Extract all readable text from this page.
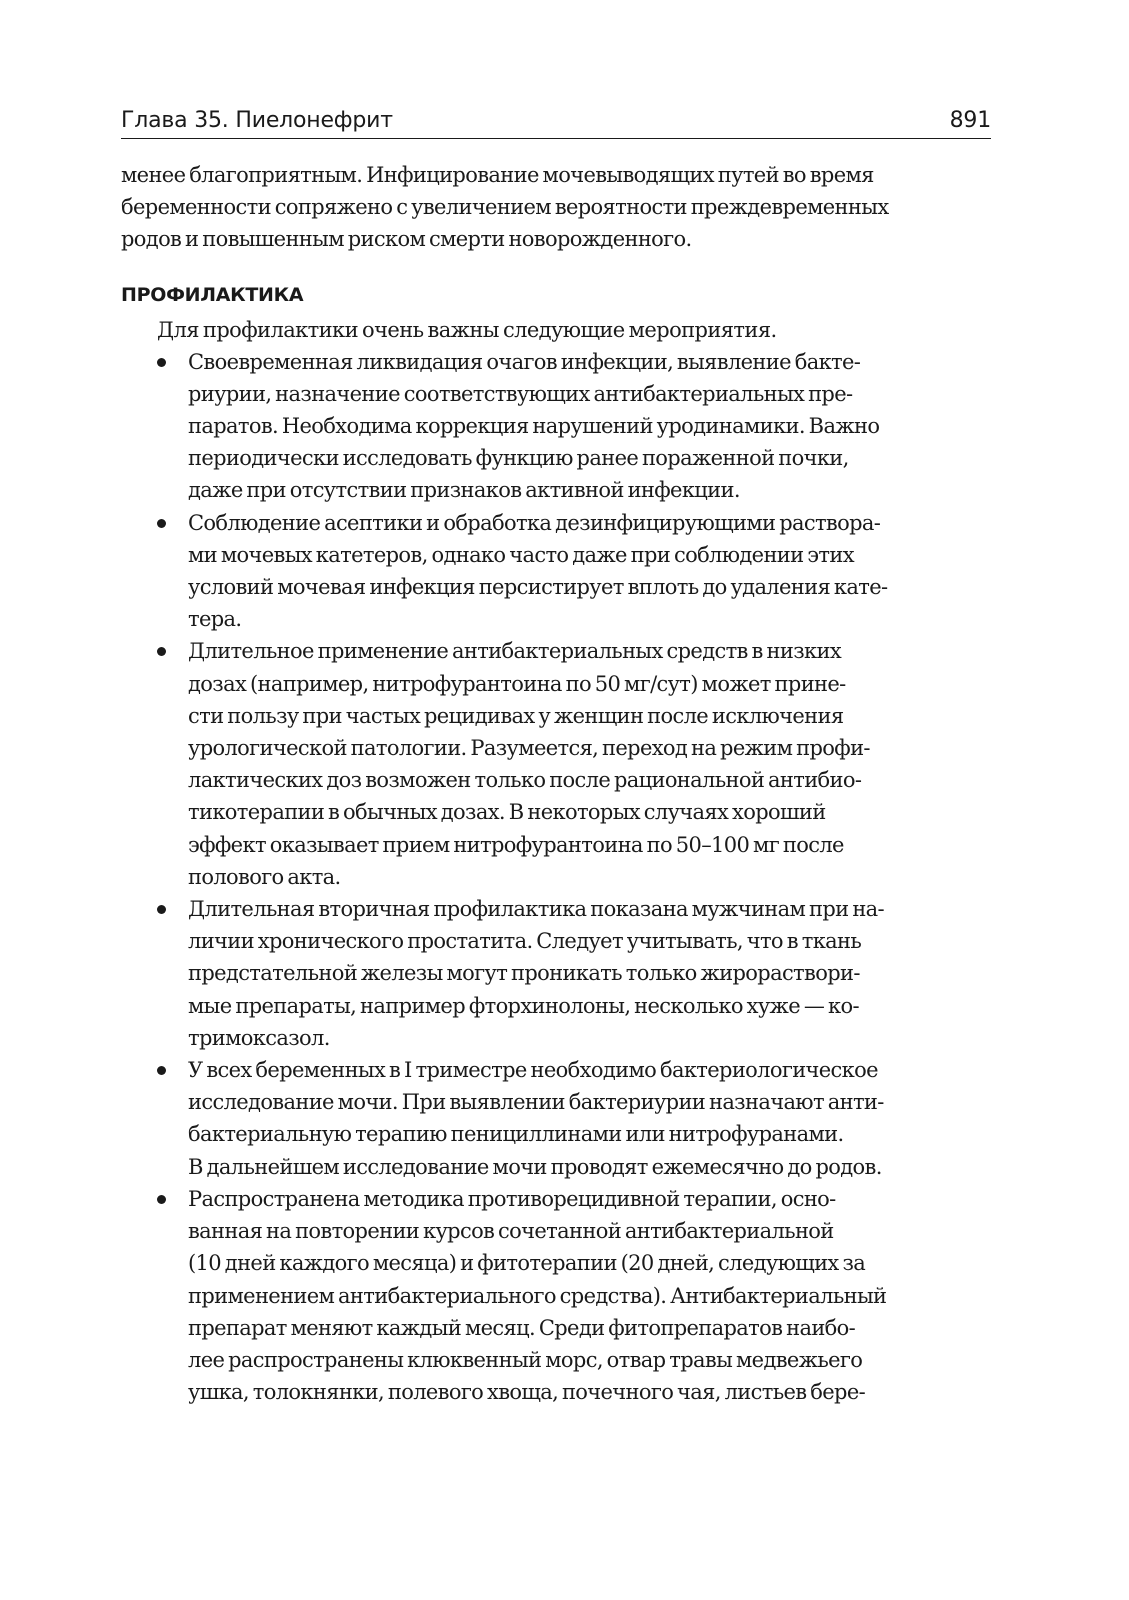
Глава 35. Пиелонефрит	891

менее благоприятным. Инфицирование мочевыводящих путей во время
беременности сопряжено с увеличением вероятности преждевременных
родов и повышенным риском смерти новорожденного.

ПРОФИЛАКТИКА

Для профилактики очень важны следующие мероприятия.

Своевременная ликвидация очагов инфекции, выявление бакте-
риурии, назначение соответствующих антибактериальных пре-
паратов. Необходима коррекция нарушений уродинамики. Важно
периодически исследовать функцию ранее пораженной почки,
даже при отсутствии признаков активной инфекции.
Соблюдение асептики и обработка дезинфицирующими раствора-
ми мочевых катетеров, однако часто даже при соблюдении этих
условий мочевая инфекция персистирует вплоть до удаления кате-
тера.
Длительное применение антибактериальных средств в низких
дозах (например, нитрофурантоина по 50 мг/сут) может прине-
сти пользу при частых рецидивах у женщин после исключения
урологической патологии. Разумеется, переход на режим профи-
лактических доз возможен только после рациональной антибио-
тикотерапии в обычных дозах. В некоторых случаях хороший
эффект оказывает прием нитрофурантоина по 50–100 мг после
полового акта.
Длительная вторичная профилактика показана мужчинам при на-
личии хронического простатита. Следует учитывать, что в ткань
предстательной железы могут проникать только жирораствори-
мые препараты, например фторхинолоны, несколько хуже — ко-
тримоксазол.
У всех беременных в I триместре необходимо бактериологическое
исследование мочи. При выявлении бактериурии назначают анти-
бактериальную терапию пенициллинами или нитрофуранами.
В дальнейшем исследование мочи проводят ежемесячно до родов.
Распространена методика противорецидивной терапии, осно-
ванная на повторении курсов сочетанной антибактериальной
(10 дней каждого месяца) и фитотерапии (20 дней, следующих за
применением антибактериального средства). Антибактериальный
препарат меняют каждый месяц. Среди фитопрепаратов наибо-
лее распространены клюквенный морс, отвар травы медвежьего
ушка, толокнянки, полевого хвоща, почечного чая, листьев бере-
